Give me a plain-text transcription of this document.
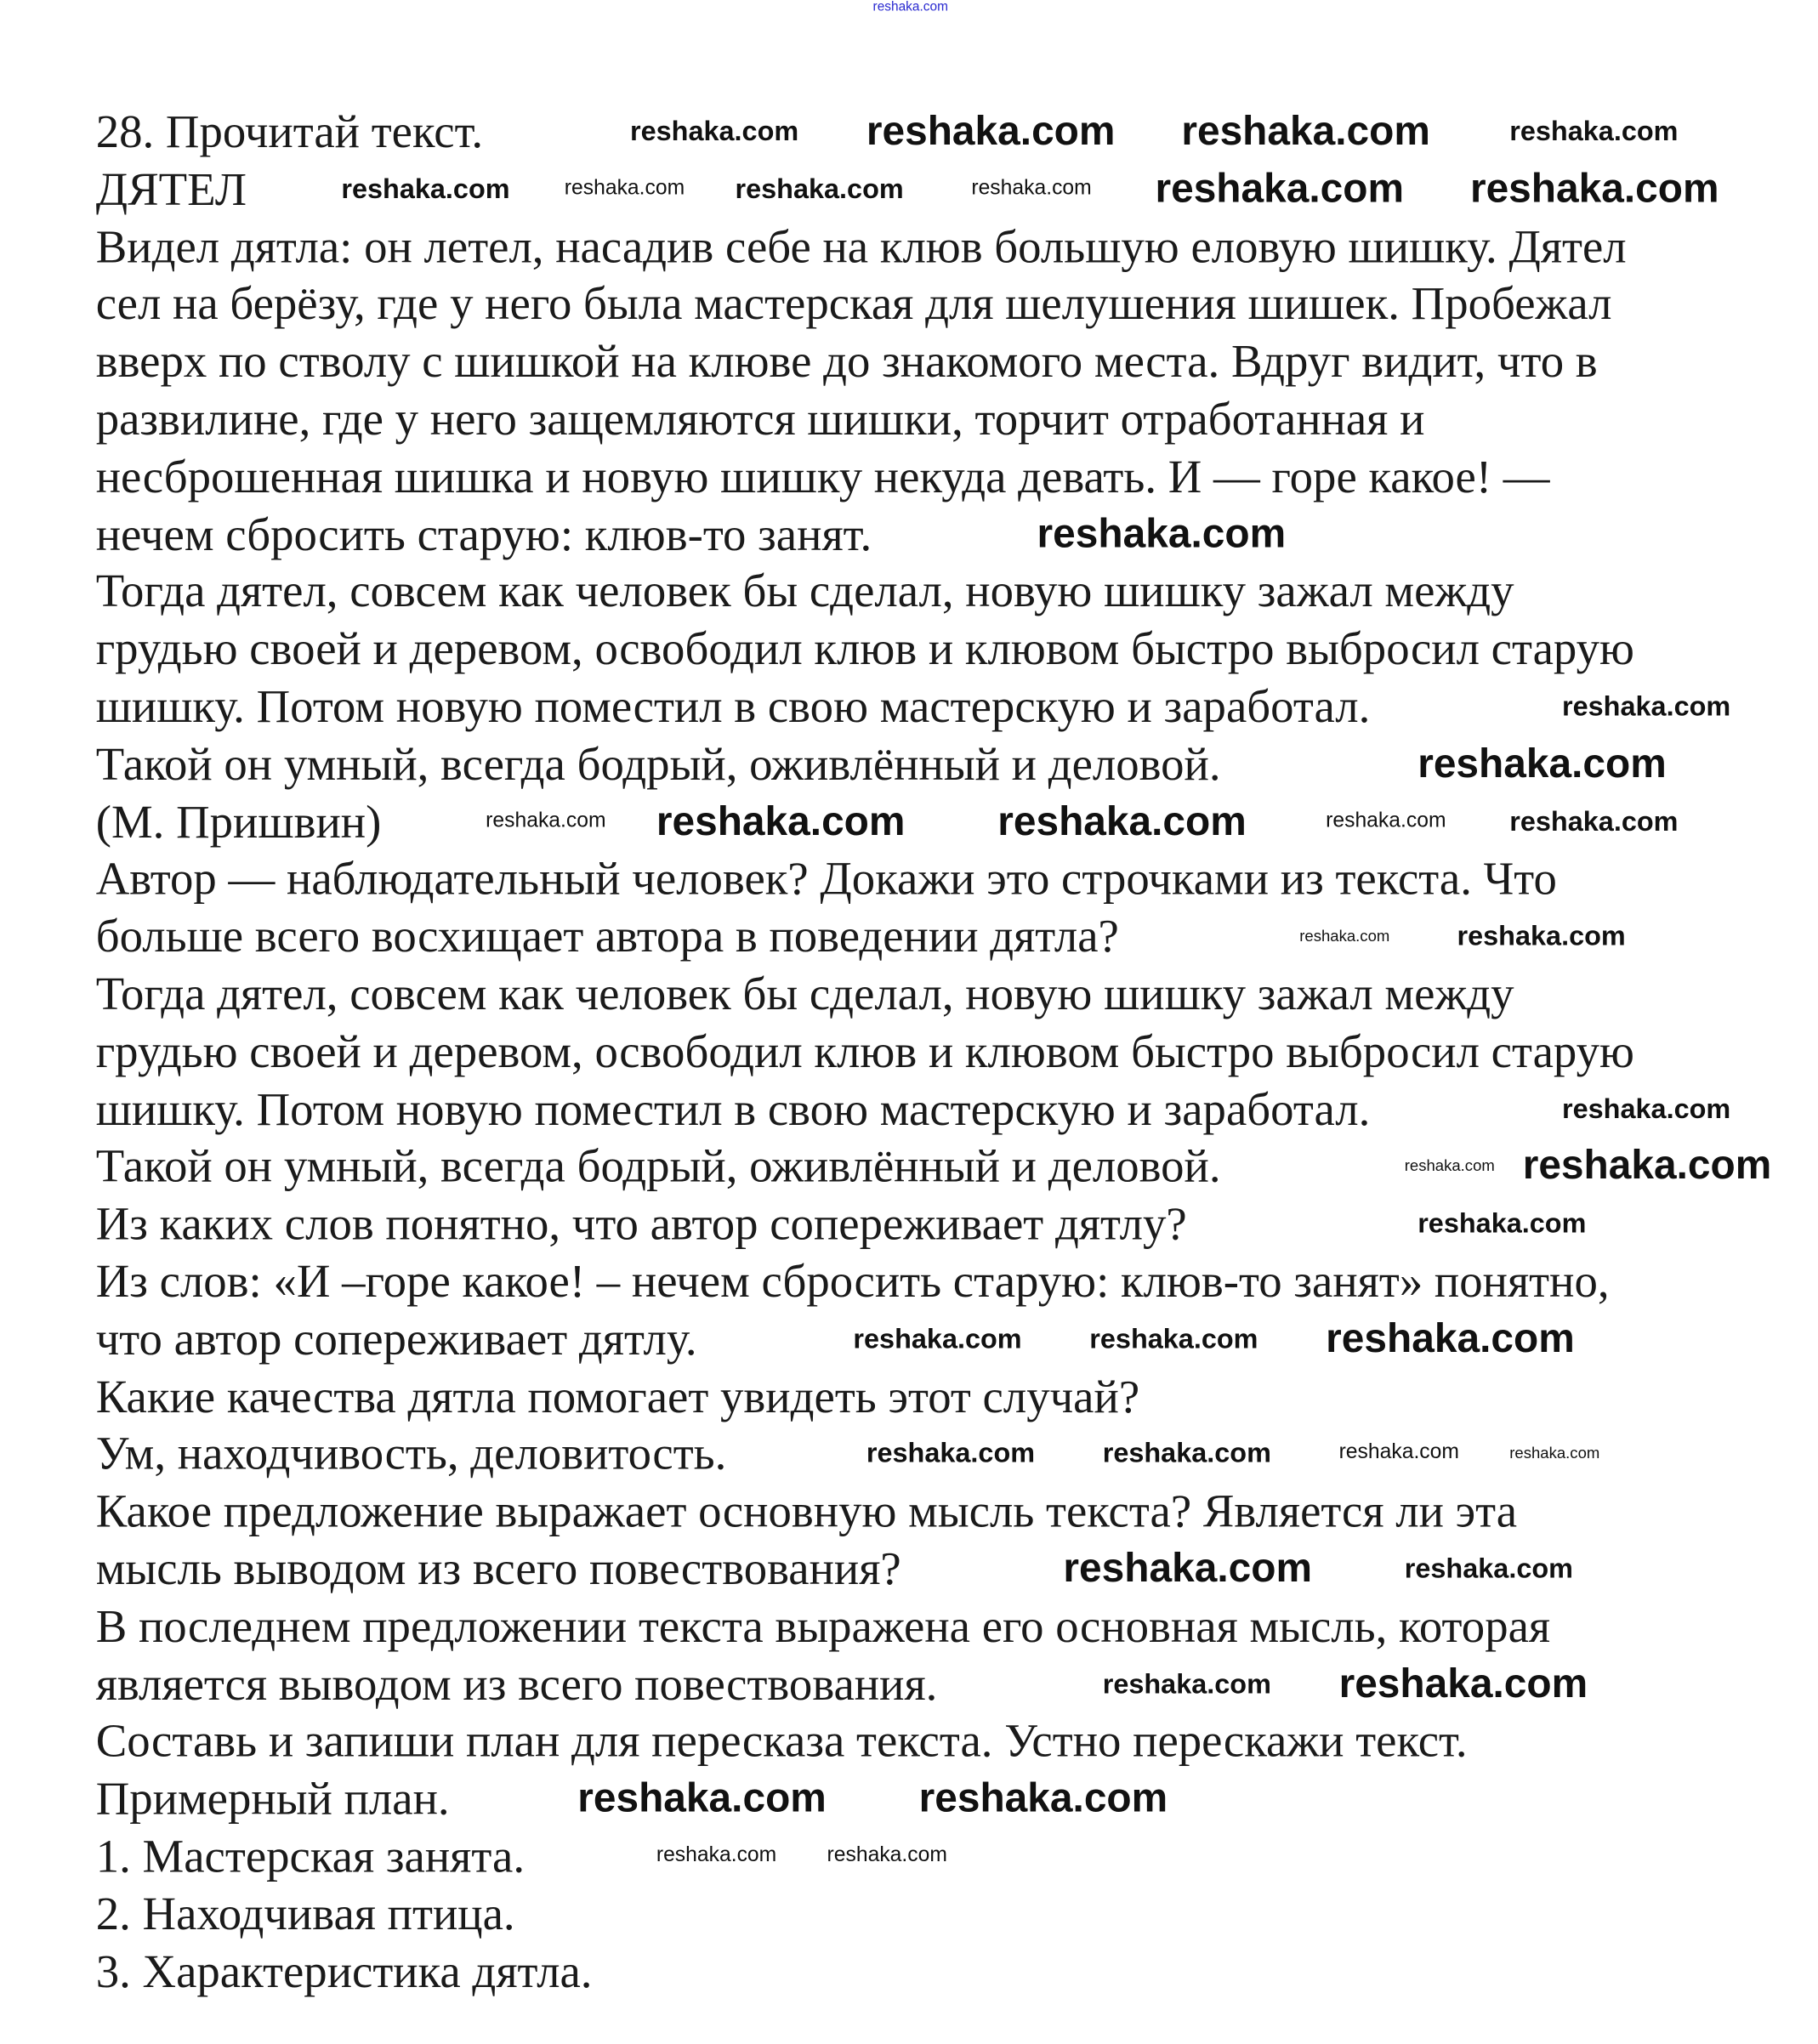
28. Прочитай текст.
ДЯТЕЛ
Видел дятла: он летел, насадив себе на клюв большую еловую шишку. Дятел
сел на берёзу, где у него была мастерская для шелушения шишек. Пробежал
вверх по стволу с шишкой на клюве до знакомого места. Вдруг видит, что в
развилине, где у него защемляются шишки, торчит отработанная и
несброшенная шишка и новую шишку некуда девать. И — горе какое! —
нечем сбросить старую: клюв-то занят.
Тогда дятел, совсем как человек бы сделал, новую шишку зажал между
грудью своей и деревом, освободил клюв и клювом быстро выбросил старую
шишку. Потом новую поместил в свою мастерскую и заработал.
Такой он умный, всегда бодрый, оживлённый и деловой.
(М. Пришвин)
Автор — наблюдательный человек? Докажи это строчками из текста. Что
больше всего восхищает автора в поведении дятла?
Тогда дятел, совсем как человек бы сделал, новую шишку зажал между
грудью своей и деревом, освободил клюв и клювом быстро выбросил старую
шишку. Потом новую поместил в свою мастерскую и заработал.
Такой он умный, всегда бодрый, оживлённый и деловой.
Из каких слов понятно, что автор сопереживает дятлу?
Из слов: «И –горе какое! – нечем сбросить старую: клюв-то занят» понятно,
что автор сопереживает дятлу.
Какие качества дятла помогает увидеть этот случай?
Ум, находчивость, деловитость.
Какое предложение выражает основную мысль текста? Является ли эта
мысль выводом из всего повествования?
В последнем предложении текста выражена его основная мысль, которая
является выводом из всего повествования.
Составь и запиши план для пересказа текста. Устно перескажи текст.
Примерный план.
1. Мастерская занята.
2. Находчивая птица.
3. Характеристика дятла.
reshaka.com
reshaka.com	reshaka.com	reshaka.com	reshaka.com
reshaka.com	reshaka.com	reshaka.com	reshaka.com reshaka.com	reshaka.com
reshaka.com
reshaka.com
reshaka.com
reshaka.com reshaka.com	reshaka.com	reshaka.com	reshaka.com
reshaka.com	reshaka.com
reshaka.com
reshaka.com reshaka.com
reshaka.com
reshaka.com	reshaka.com	reshaka.com
reshaka.com	reshaka.com	reshaka.com	reshaka.com
reshaka.com	reshaka.com
reshaka.com	reshaka.com
reshaka.com	reshaka.com
reshaka.com	reshaka.com
